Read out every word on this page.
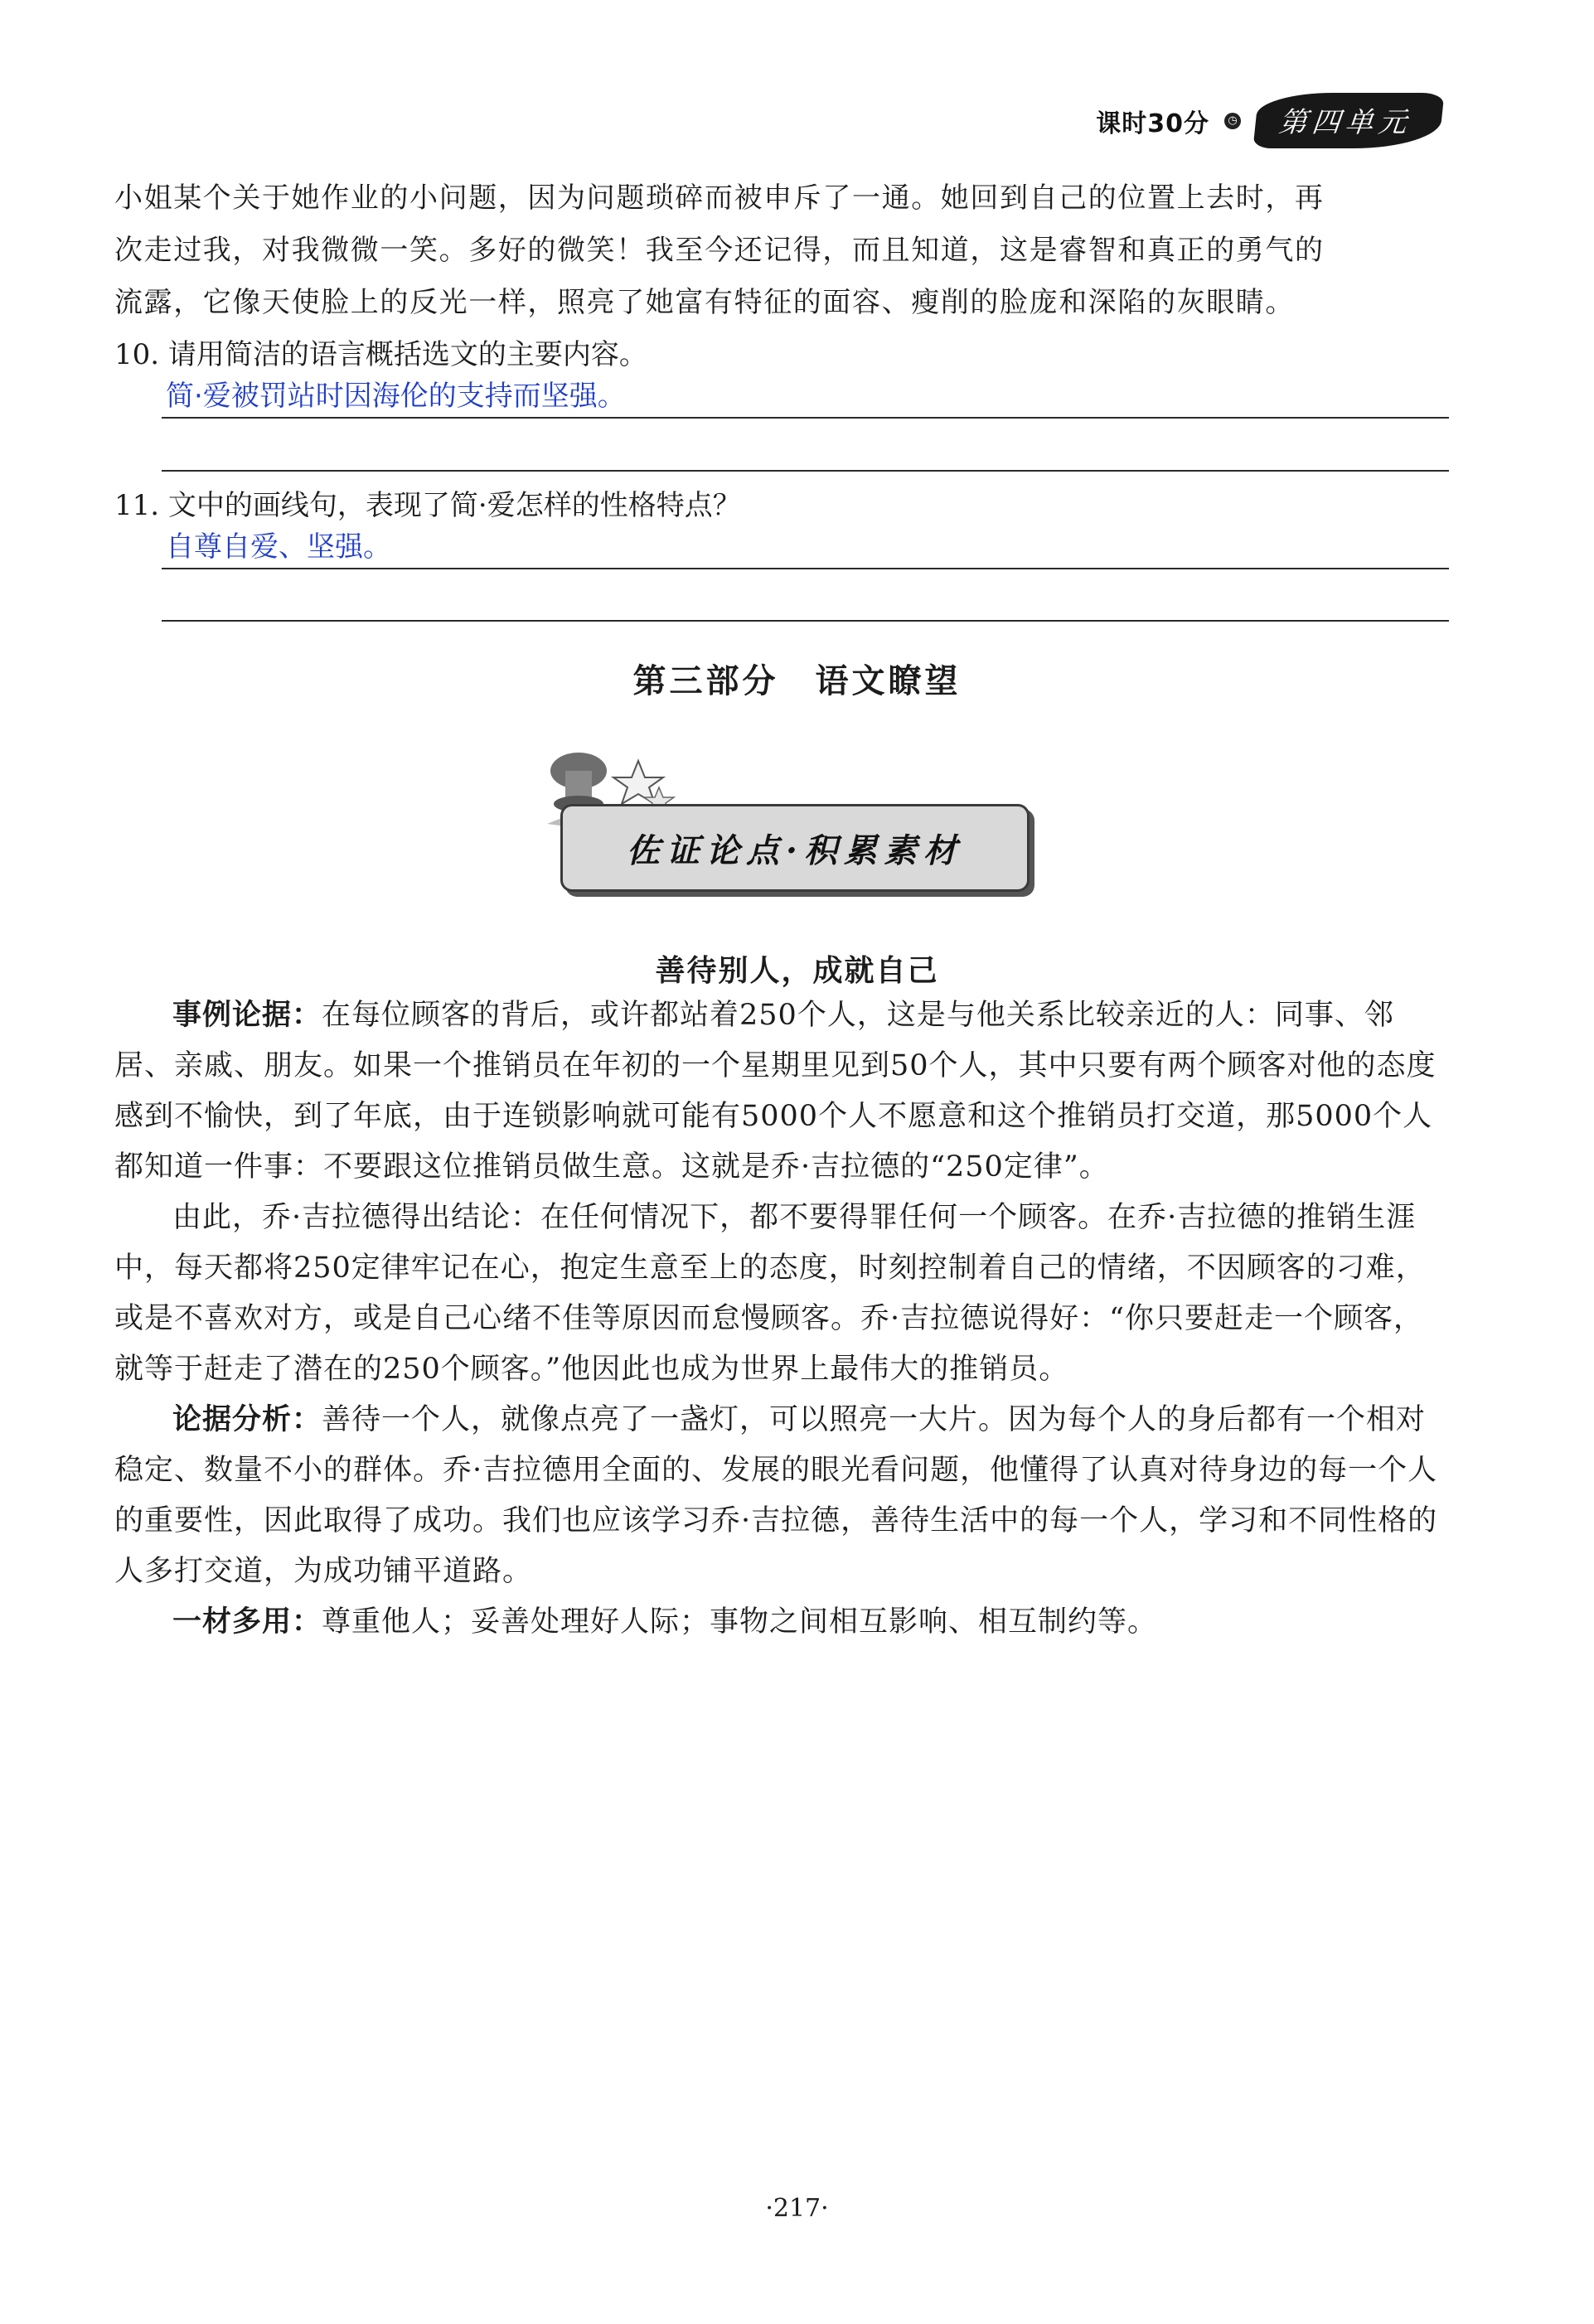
课时30分	◷	第四单元

小姐某个关于她作业的小问题，因为问题琐碎而被申斥了一通。她回到自己的位置上去时，再

次走过我，对我微微一笑。多好的微笑！我至今还记得，而且知道，这是睿智和真正的勇气的

流露，它像天使脸上的反光一样，照亮了她富有特征的面容、瘦削的脸庞和深陷的灰眼睛。

10. 请用简洁的语言概括选文的主要内容。
简·爱被罚站时因海伦的支持而坚强。
11. 文中的画线句，表现了简·爱怎样的性格特点？
自尊自爱、坚强。
第三部分　语文瞭望
佐证论点·积累素材
善待别人，成就自己

事例论据：在每位顾客的背后，或许都站着250个人，这是与他关系比较亲近的人：同事、邻居、亲戚、朋友。如果一个推销员在年初的一个星期里见到50个人，其中只要有两个顾客对他的态度感到不愉快，到了年底，由于连锁影响就可能有5000个人不愿意和这个推销员打交道，那5000个人都知道一件事：不要跟这位推销员做生意。这就是乔·吉拉德的“250定律”。

由此，乔·吉拉德得出结论：在任何情况下，都不要得罪任何一个顾客。在乔·吉拉德的推销生涯中，每天都将250定律牢记在心，抱定生意至上的态度，时刻控制着自己的情绪，不因顾客的刁难，或是不喜欢对方，或是自己心绪不佳等原因而怠慢顾客。乔·吉拉德说得好：“你只要赶走一个顾客，就等于赶走了潜在的250个顾客。”他因此也成为世界上最伟大的推销员。

论据分析：善待一个人，就像点亮了一盏灯，可以照亮一大片。因为每个人的身后都有一个相对稳定、数量不小的群体。乔·吉拉德用全面的、发展的眼光看问题，他懂得了认真对待身边的每一个人的重要性，因此取得了成功。我们也应该学习乔·吉拉德，善待生活中的每一个人，学习和不同性格的人多打交道，为成功铺平道路。

一材多用：尊重他人；妥善处理好人际；事物之间相互影响、相互制约等。

·217·
